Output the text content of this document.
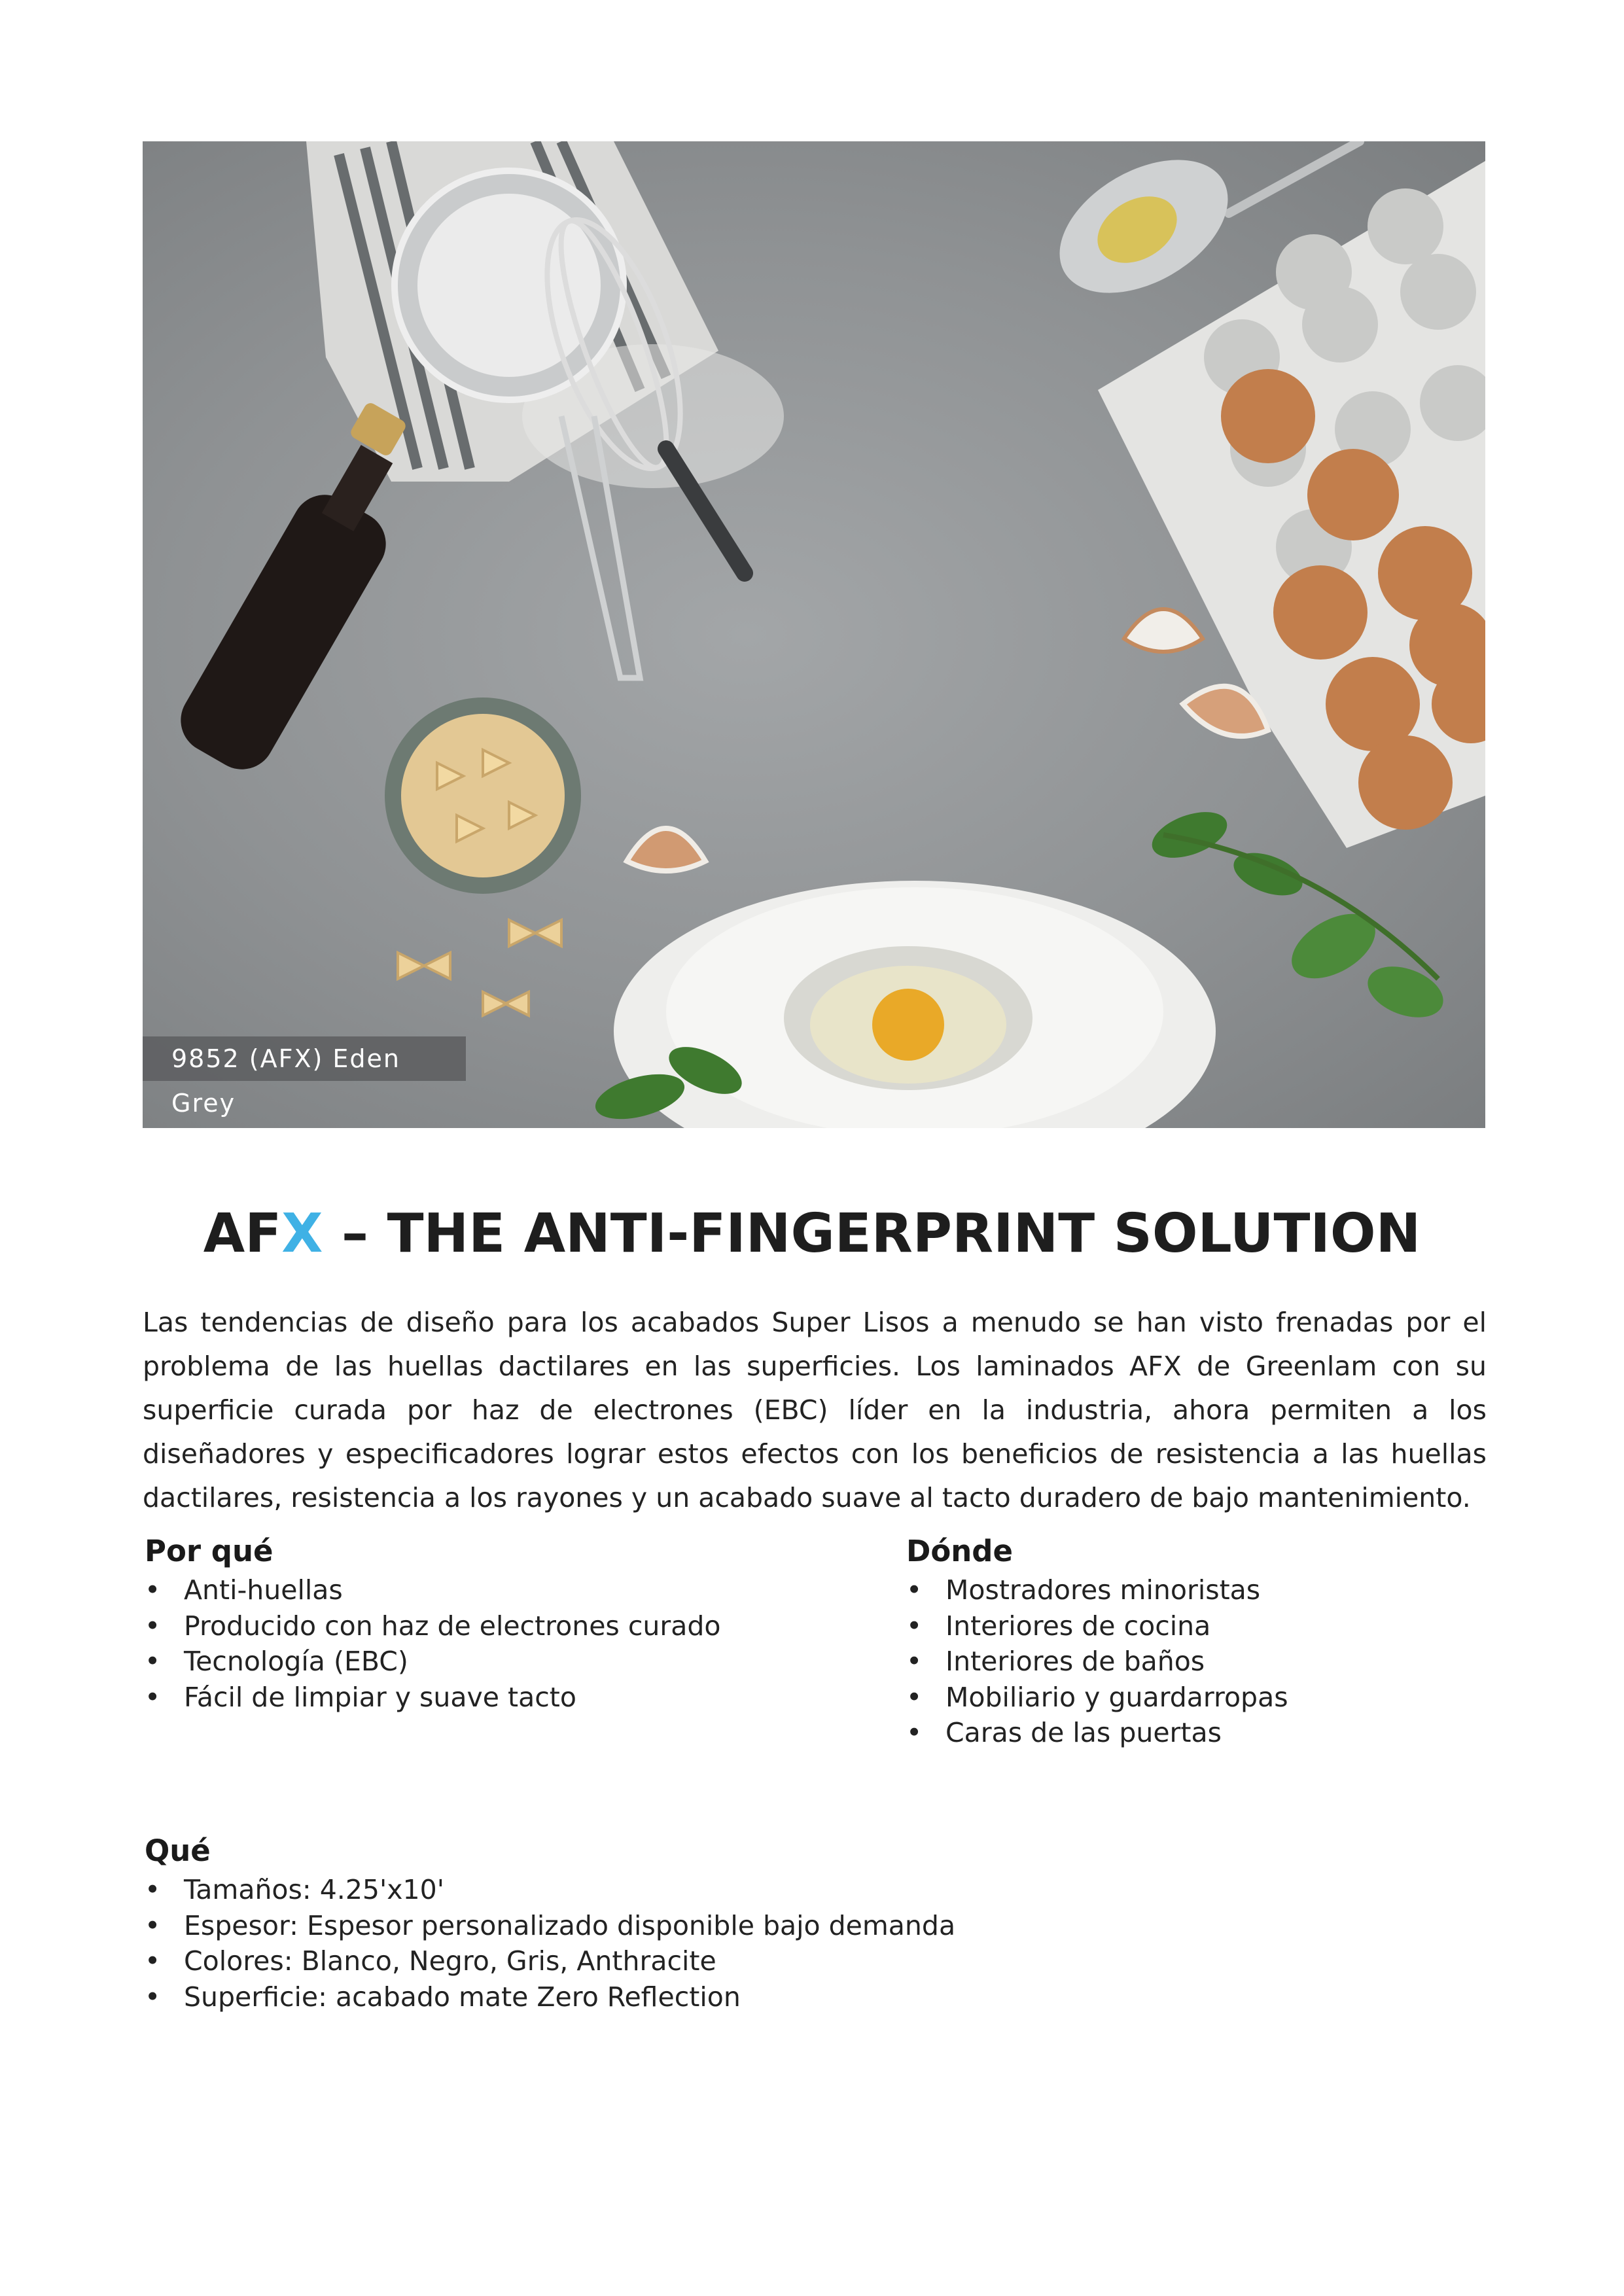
9852 (AFX) Eden Grey
AFX – THE ANTI-FINGERPRINT SOLUTION

Las tendencias de diseño para los acabados Super Lisos a menudo se han visto frenadas por el problema de las huellas dactilares en las superficies. Los laminados AFX de Greenlam con su superficie curada por haz de electrones (EBC) líder en la industria, ahora permiten a los diseñadores y especificadores lograr estos efectos con los beneficios de resistencia a las huellas dactilares, resistencia a los rayones y un acabado suave al tacto duradero de bajo mantenimiento.

Por qué
• Anti-huellas
• Producido con haz de electrones curado
• Tecnología (EBC)
• Fácil de limpiar y suave tacto
Dónde
• Mostradores minoristas
• Interiores de cocina
• Interiores de baños
• Mobiliario y guardarropas
• Caras de las puertas
Qué
• Tamaños: 4.25'x10'
• Espesor: Espesor personalizado disponible bajo demanda
• Colores: Blanco, Negro, Gris, Anthracite
• Superficie: acabado mate Zero Reflection
